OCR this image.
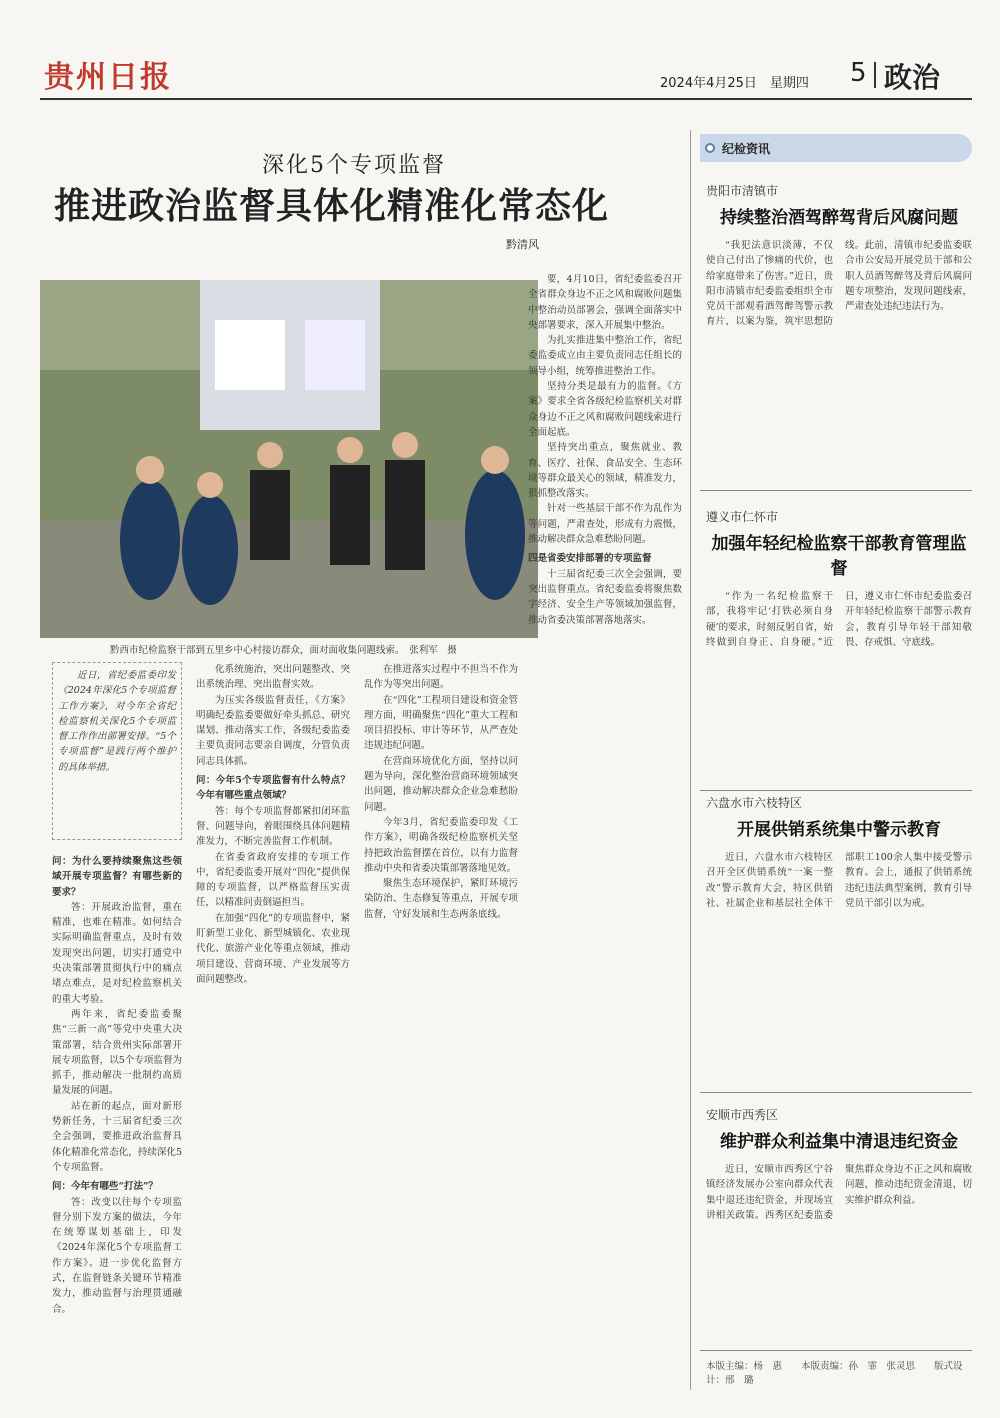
贵州日报	2024年4月25日　星期四 5 政治
深化5个专项监督
推进政治监督具体化精准化常态化
黔清风
黔西市纪检监察干部到五里乡中心村接访群众，面对面收集问题线索。　张利军　摄

近日，省纪委监委印发《2024年深化5个专项监督工作方案》，对今年全省纪检监察机关深化5个专项监督工作作出部署安排。“5个专项监督”是践行两个维护的具体举措。

问：为什么要持续聚焦这些领域开展专项监督？有哪些新的要求？

答：开展政治监督，重在精准，也难在精准。如何结合实际明确监督重点，及时有效发现突出问题，切实打通党中央决策部署贯彻执行中的痛点堵点难点，是对纪检监察机关的重大考验。

两年来，省纪委监委聚焦“三新一高”等党中央重大决策部署，结合贵州实际部署开展专项监督，以5个专项监督为抓手，推动解决一批制约高质量发展的问题。

站在新的起点，面对新形势新任务，十三届省纪委三次全会强调，要推进政治监督具体化精准化常态化，持续深化5个专项监督。

问：今年有哪些“打法”？

答：改变以往每个专项监督分别下发方案的做法，今年在统筹谋划基础上，印发《2024年深化5个专项监督工作方案》。进一步优化监督方式，在监督链条关键环节精准发力，推动监督与治理贯通融合。

化系统施治，突出问题整改、突出系统治理、突出监督实效。

为压实各级监督责任，《方案》明确纪委监委要做好牵头抓总、研究谋划、推动落实工作，各级纪委监委主要负责同志要亲自调度，分管负责同志具体抓。

问：今年5个专项监督有什么特点？今年有哪些重点领域？

答：每个专项监督都紧扣闭环监督、问题导向，着眼围绕具体问题精准发力，不断完善监督工作机制。

在省委省政府安排的专项工作中，省纪委监委开展对“四化”提供保障的专项监督，以严格监督压实责任，以精准问责倒逼担当。

在加强“四化”的专项监督中，紧盯新型工业化、新型城镇化、农业现代化、旅游产业化等重点领域，推动项目建设、营商环境、产业发展等方面问题整改。

在推进落实过程中不担当不作为乱作为等突出问题。

在“四化”工程项目建设和资金管理方面，明确聚焦“四化”重大工程和项目招投标、审计等环节，从严查处违规违纪问题。

在营商环境优化方面，坚持以问题为导向，深化整治营商环境领域突出问题，推动解决群众企业急难愁盼问题。

今年3月，省纪委监委印发《工作方案》，明确各级纪检监察机关坚持把政治监督摆在首位，以有力监督推动中央和省委决策部署落地见效。

聚焦生态环境保护，紧盯环境污染防治、生态修复等重点，开展专项监督，守好发展和生态两条底线。

要，4月10日，省纪委监委召开全省群众身边不正之风和腐败问题集中整治动员部署会，强调全面落实中央部署要求，深入开展集中整治。

为扎实推进集中整治工作，省纪委监委成立由主要负责同志任组长的领导小组，统筹推进整治工作。

坚持分类是最有力的监督。《方案》要求全省各级纪检监察机关对群众身边不正之风和腐败问题线索进行全面起底。

坚持突出重点，聚焦就业、教育、医疗、社保、食品安全、生态环境等群众最关心的领域，精准发力，狠抓整改落实。

针对一些基层干部不作为乱作为等问题，严肃查处，形成有力震慑，推动解决群众急难愁盼问题。

四是省委安排部署的专项监督

十三届省纪委三次全会强调，要突出监督重点。省纪委监委将聚焦数字经济、安全生产等领域加强监督，推动省委决策部署落地落实。

纪检资讯
贵阳市清镇市
持续整治酒驾醉驾背后风腐问题

“我犯法意识淡薄，不仅使自己付出了惨痛的代价，也给家庭带来了伤害。”近日，贵阳市清镇市纪委监委组织全市党员干部观看酒驾醉驾警示教育片，以案为鉴，筑牢思想防线。此前，清镇市纪委监委联合市公安局开展党员干部和公职人员酒驾醉驾及背后风腐问题专项整治，发现问题线索，严肃查处违纪违法行为。

遵义市仁怀市
加强年轻纪检监察干部教育管理监督

“作为一名纪检监察干部，我将牢记‘打铁必须自身硬’的要求，时刻反躬自省，始终做到自身正、自身硬。”近日，遵义市仁怀市纪委监委召开年轻纪检监察干部警示教育会，教育引导年轻干部知敬畏、存戒惧、守底线。

六盘水市六枝特区
开展供销系统集中警示教育

近日，六盘水市六枝特区召开全区供销系统“一案一整改”警示教育大会，特区供销社、社属企业和基层社全体干部职工100余人集中接受警示教育。会上，通报了供销系统违纪违法典型案例，教育引导党员干部引以为戒。

安顺市西秀区
维护群众利益集中清退违纪资金

近日，安顺市西秀区宁谷镇经济发展办公室向群众代表集中退还违纪资金，并现场宣讲相关政策。西秀区纪委监委聚焦群众身边不正之风和腐败问题，推动违纪资金清退，切实维护群众利益。

本版主编：杨　惠　　本版责编：孙　霏　张灵思　　版式设计：邢　璐
